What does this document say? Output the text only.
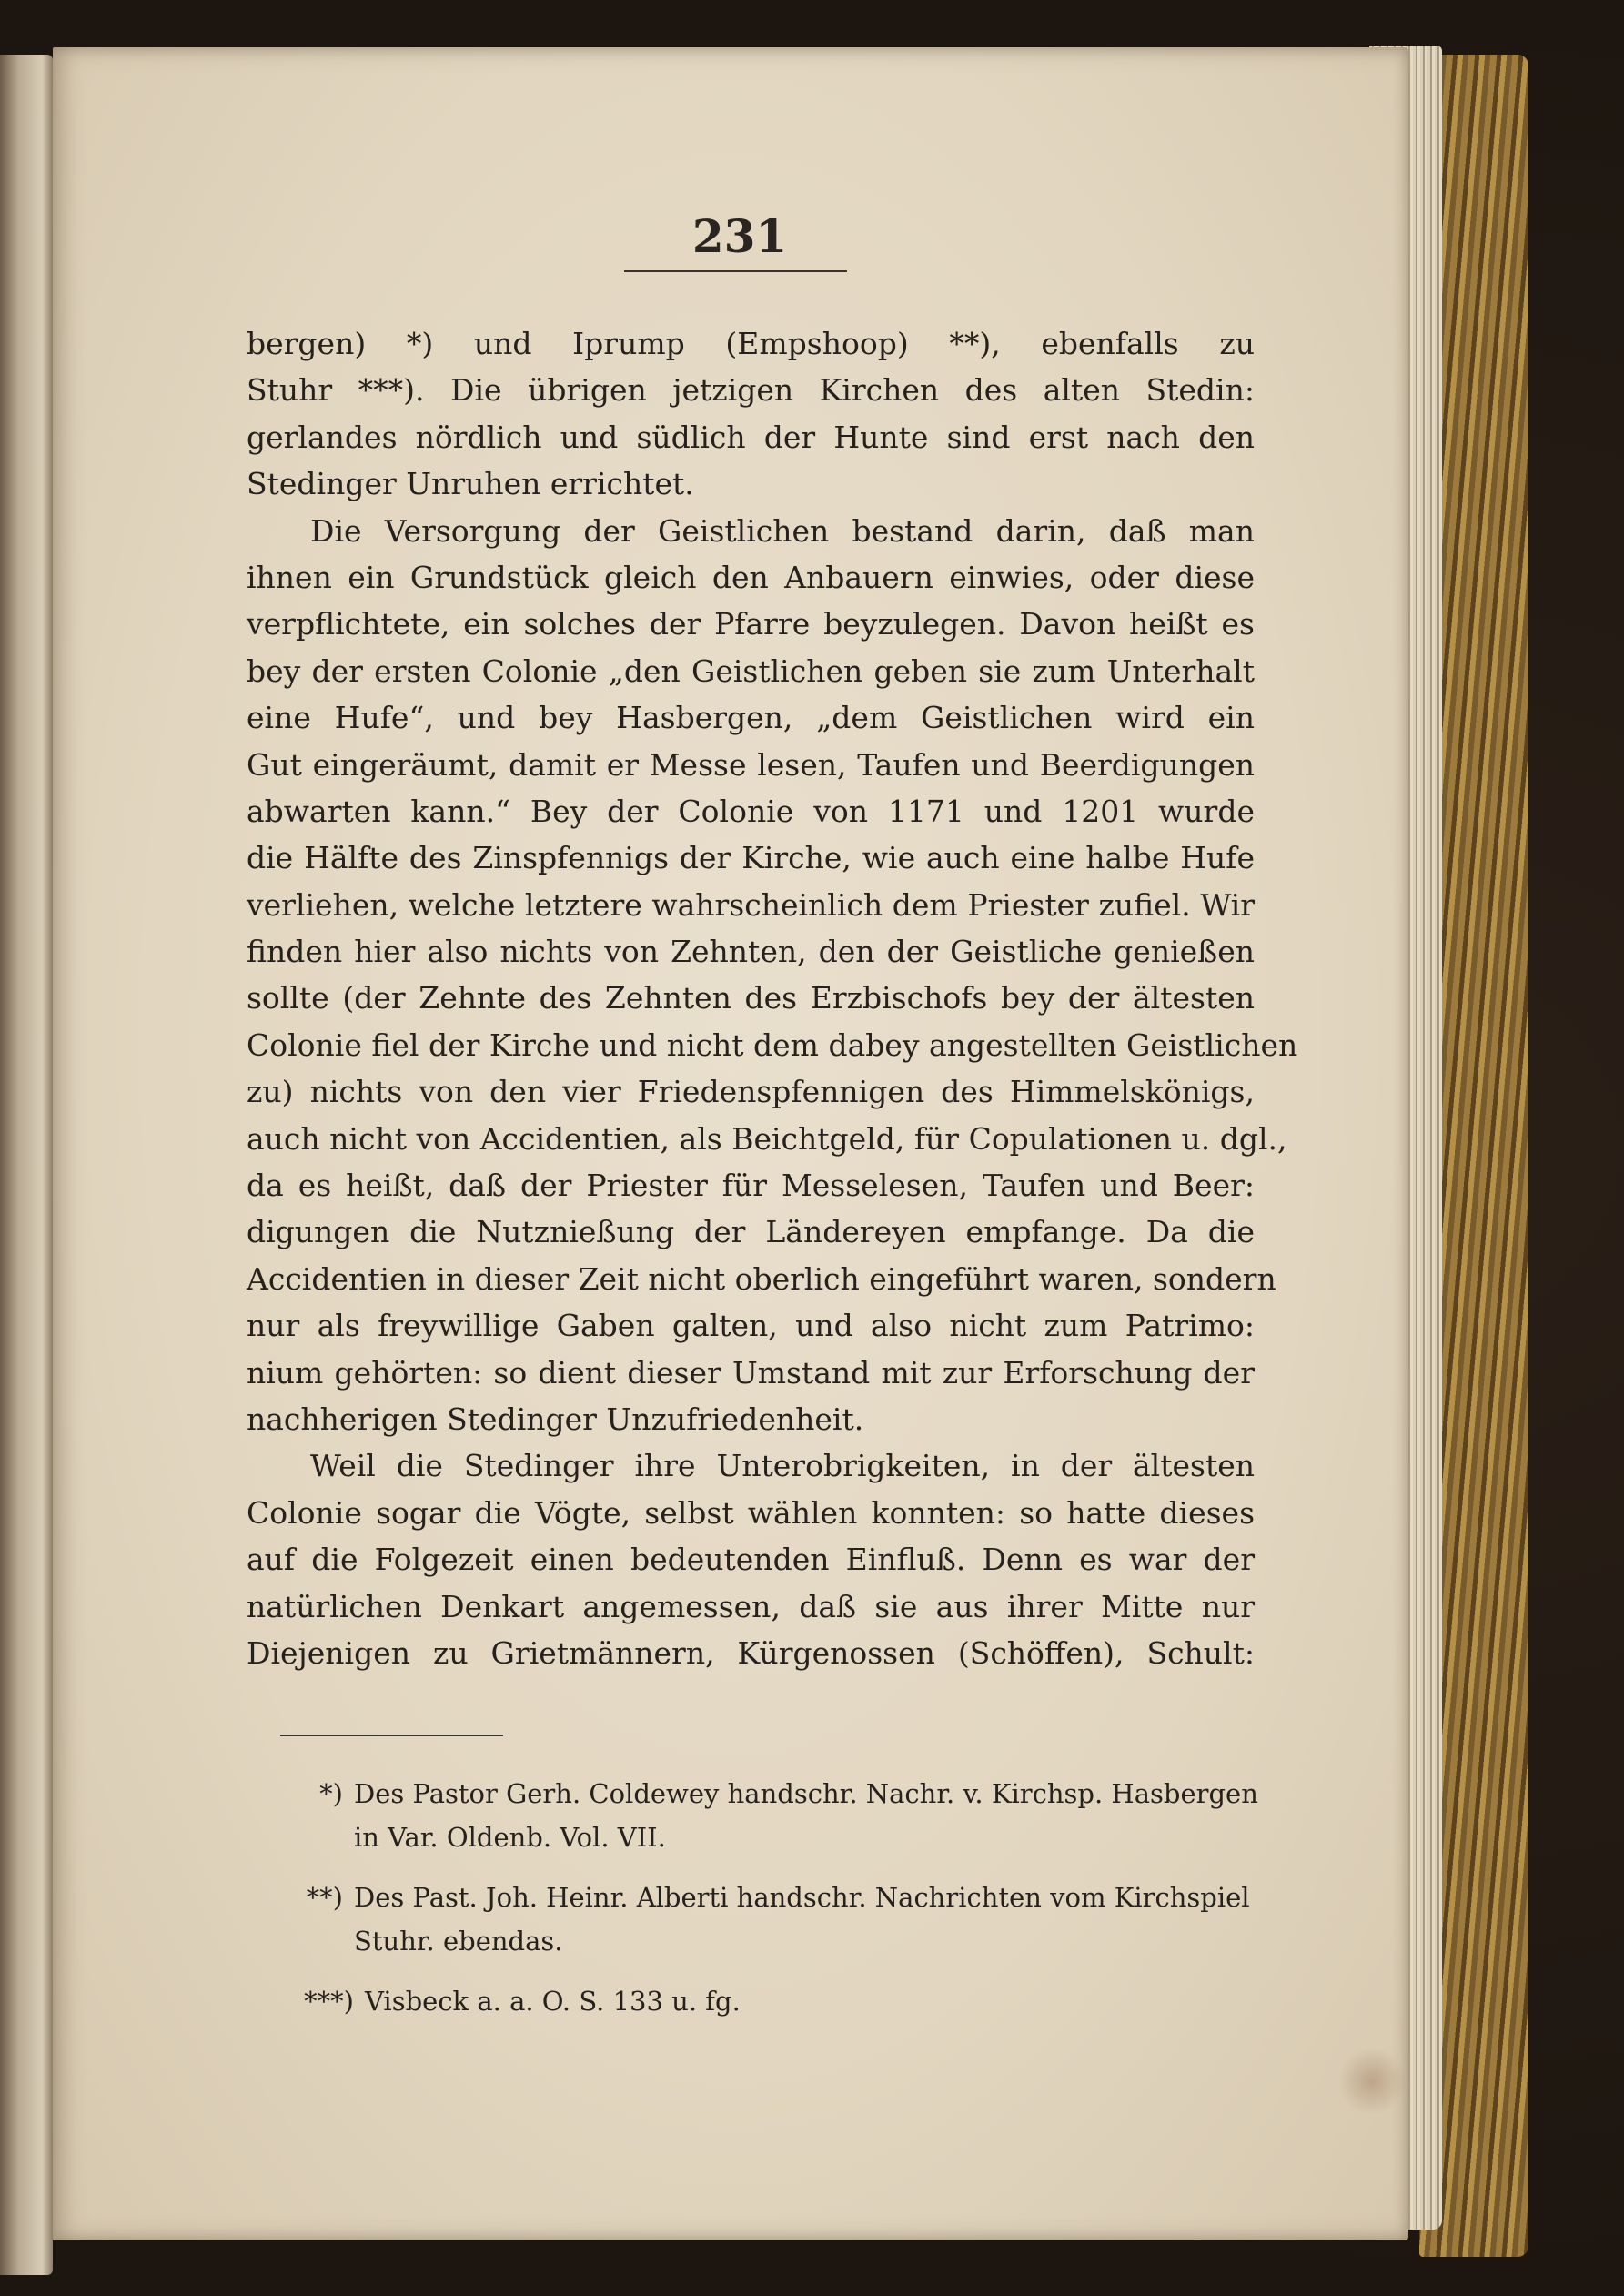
231
bergen) *) und Iprump (Empshoop) **), ebenfalls zu
Stuhr ***). Die übrigen jetzigen Kirchen des alten Stedin:
gerlandes nördlich und südlich der Hunte sind erst nach den
Stedinger Unruhen errichtet.
Die Versorgung der Geistlichen bestand darin, daß man
ihnen ein Grundstück gleich den Anbauern einwies, oder diese
verpflichtete, ein solches der Pfarre beyzulegen. Davon heißt es
bey der ersten Colonie „den Geistlichen geben sie zum Unterhalt
eine Hufe“, und bey Hasbergen, „dem Geistlichen wird ein
Gut eingeräumt, damit er Messe lesen, Taufen und Beerdigungen
abwarten kann.“ Bey der Colonie von 1171 und 1201 wurde
die Hälfte des Zinspfennigs der Kirche, wie auch eine halbe Hufe
verliehen, welche letztere wahrscheinlich dem Priester zufiel. Wir
finden hier also nichts von Zehnten, den der Geistliche genießen
sollte (der Zehnte des Zehnten des Erzbischofs bey der ältesten
Colonie fiel der Kirche und nicht dem dabey angestellten Geistlichen
zu) nichts von den vier Friedenspfennigen des Himmelskönigs,
auch nicht von Accidentien, als Beichtgeld, für Copulationen u. dgl.,
da es heißt, daß der Priester für Messelesen, Taufen und Beer:
digungen die Nutznießung der Ländereyen empfange. Da die
Accidentien in dieser Zeit nicht oberlich eingeführt waren, sondern
nur als freywillige Gaben galten, und also nicht zum Patrimo:
nium gehörten: so dient dieser Umstand mit zur Erforschung der
nachherigen Stedinger Unzufriedenheit.
Weil die Stedinger ihre Unterobrigkeiten, in der ältesten
Colonie sogar die Vögte, selbst wählen konnten: so hatte dieses
auf die Folgezeit einen bedeutenden Einfluß. Denn es war der
natürlichen Denkart angemessen, daß sie aus ihrer Mitte nur
Diejenigen zu Grietmännern, Kürgenossen (Schöffen), Schult:
*) Des Pastor Gerh. Coldewey handschr. Nachr. v. Kirchsp. Hasbergen
in Var. Oldenb. Vol. VII.
**) Des Past. Joh. Heinr. Alberti handschr. Nachrichten vom Kirchspiel
Stuhr. ebendas.
***) Visbeck a. a. O. S. 133 u. fg.
